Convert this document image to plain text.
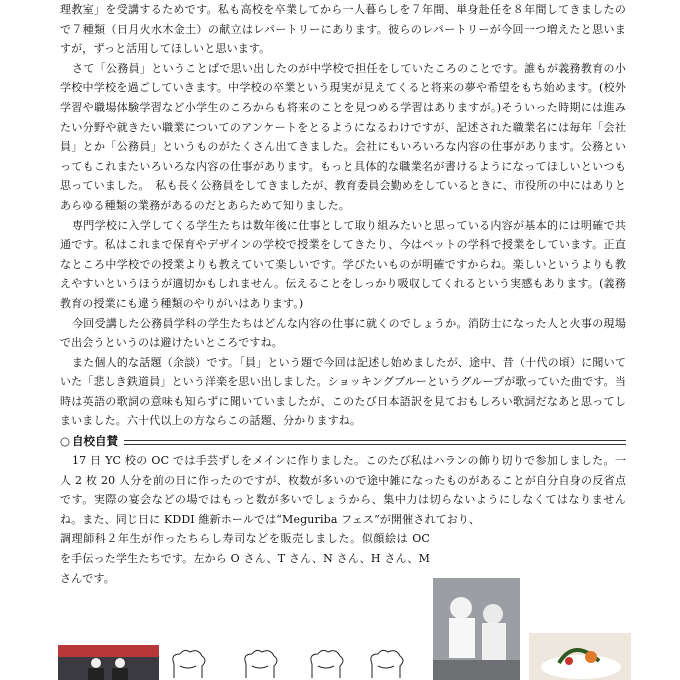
理教室」を受講するためです。私も高校を卒業してから一人暮らしを７年間、単身赴任を８年間してきましたので７種類（日月火水木金土）の献立はレパートリーにあります。彼らのレパートリーが今回一つ増えたと思いますが，ずっと活用してほしいと思います。

さて「公務員」ということばで思い出したのが中学校で担任をしていたころのことです。誰もが義務教育の小学校中学校を過ごしていきます。中学校の卒業という現実が見えてくると将来の夢や希望をもち始めます。(校外学習や職場体験学習など小学生のころからも将来のことを見つめる学習はありますが。)そういった時期には進みたい分野や就きたい職業についてのアンケートをとるようになるわけですが、記述された職業名には毎年「会社員」とか「公務員」というものがたくさん出てきました。会社にもいろいろな内容の仕事があります。公務といってもこれまたいろいろな内容の仕事があります。もっと具体的な職業名が書けるようになってほしいといつも思っていました。　私も長く公務員をしてきましたが、教育委員会勤めをしているときに、市役所の中にはありとあらゆる種類の業務があるのだとあらためて知りました。

専門学校に入学してくる学生たちは数年後に仕事として取り組みたいと思っている内容が基本的には明確で共通です。私はこれまで保育やデザインの学校で授業をしてきたり、今はペットの学科で授業をしています。正直なところ中学校での授業よりも教えていて楽しいです。学びたいものが明確ですからね。楽しいというよりも教えやすいというほうが適切かもしれません。伝えることをしっかり吸収してくれるという実感もあります。(義務教育の授業にも違う種類のやりがいはあります。)

今回受講した公務員学科の学生たちはどんな内容の仕事に就くのでしょうか。消防士になった人と火事の現場で出会うというのは避けたいところですね。

また個人的な話題（余談）です。「員」という題で今回は記述し始めましたが、途中、昔（十代の頃）に聞いていた「悲しき鉄道員」という洋楽を思い出しました。ショッキングブルーというグループが歌っていた曲です。当時は英語の歌詞の意味も知らずに聞いていましたが、このたび日本語訳を見ておもしろい歌詞だなあと思ってしまいました。六十代以上の方ならこの話題、分かりますね。

○ 自校自賛

17 日 YC 校の OC では手芸ずしをメインに作りました。このたび私はハランの飾り切りで参加しました。一人 2 枚 20 人分を前の日に作ったのですが、枚数が多いので途中雑になったものがあることが自分自身の反省点です。実際の宴会などの場ではもっと数が多いでしょうから、集中力は切らないようにしなくてはなりませんね。また、同じ日に KDDI 維新ホールでは“Meguriba フェス”が開催されており、

調理師科２年生が作ったちらし寿司などを販売しました。似顔絵は OC を手伝った学生たちです。左から O さん、T さん、N さん、H さん、M さんです。
